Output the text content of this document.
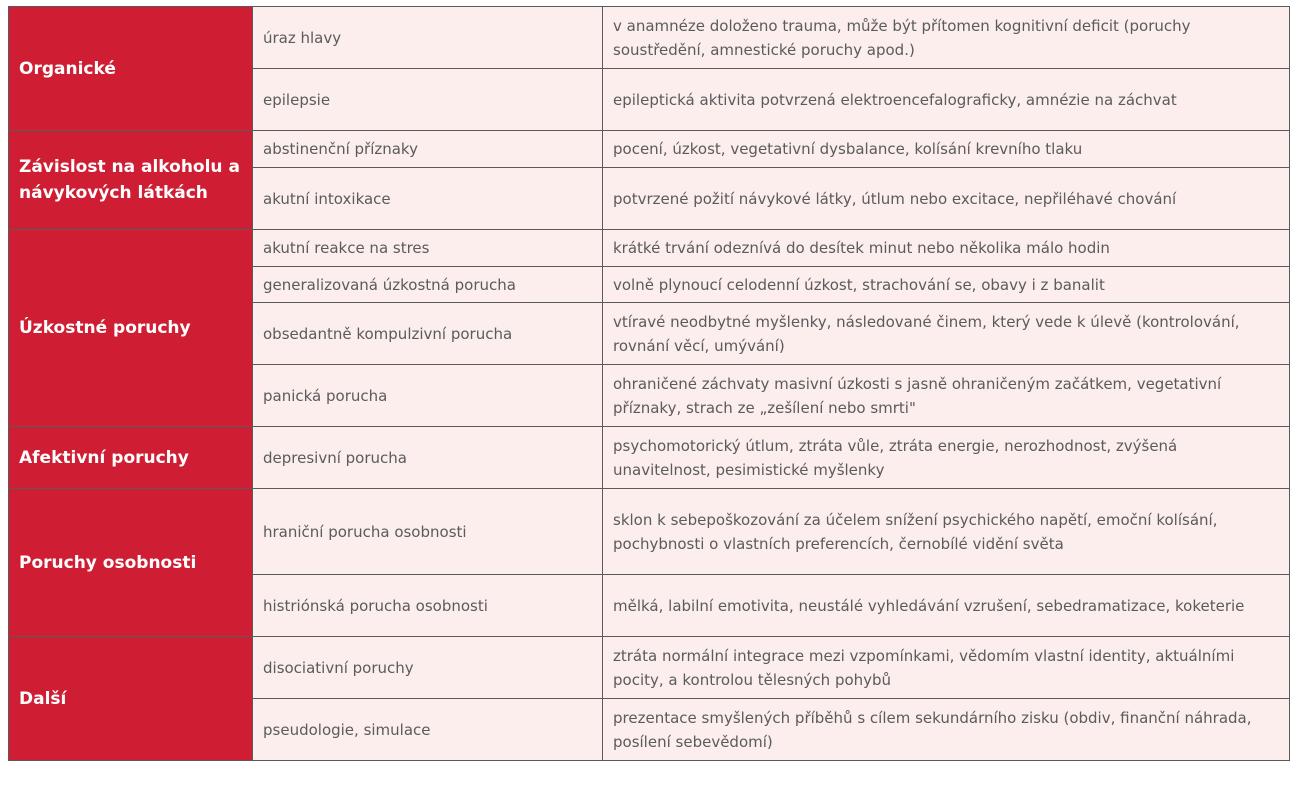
Organické	úraz hlavy	v anamnéze doloženo trauma, může být přítomen kognitivní deficit (poruchy soustředění, amnestické poruchy apod.)
	epilepsie	epileptická aktivita potvrzená elektroencefalograficky, amnézie na záchvat
Závislost na alkoholu a návykových látkách	abstinenční příznaky	pocení, úzkost, vegetativní dysbalance, kolísání krevního tlaku
	akutní intoxikace	potvrzené požití návykové látky, útlum nebo excitace, nepřiléhavé chování
Úzkostné poruchy	akutní reakce na stres	krátké trvání odeznívá do desítek minut nebo několika málo hodin
	generalizovaná úzkostná porucha	volně plynoucí celodenní úzkost, strachování se, obavy i z banalit
	obsedantně kompulzivní porucha	vtíravé neodbytné myšlenky, následované činem, který vede k úlevě (kontrolování, rovnání věcí, umývání)
	panická porucha	ohraničené záchvaty masivní úzkosti s jasně ohraničeným začátkem, vegetativní příznaky, strach ze „zešílení nebo smrti"
Afektivní poruchy	depresivní porucha	psychomotorický útlum, ztráta vůle, ztráta energie, nerozhodnost, zvýšená unavitelnost, pesimistické myšlenky
Poruchy osobnosti	hraniční porucha osobnosti	sklon k sebepoškozování za účelem snížení psychického napětí, emoční kolísání, pochybnosti o vlastních preferencích, černobílé vidění světa
	histriónská porucha osobnosti	mělká, labilní emotivita, neustálé vyhledávání vzrušení, sebedramatizace, koketerie
Další	disociativní poruchy	ztráta normální integrace mezi vzpomínkami, vědomím vlastní identity, aktuálními pocity, a kontrolou tělesných pohybů
	pseudologie, simulace	prezentace smyšlených příběhů s cílem sekundárního zisku (obdiv, finanční náhrada, posílení sebevědomí)
